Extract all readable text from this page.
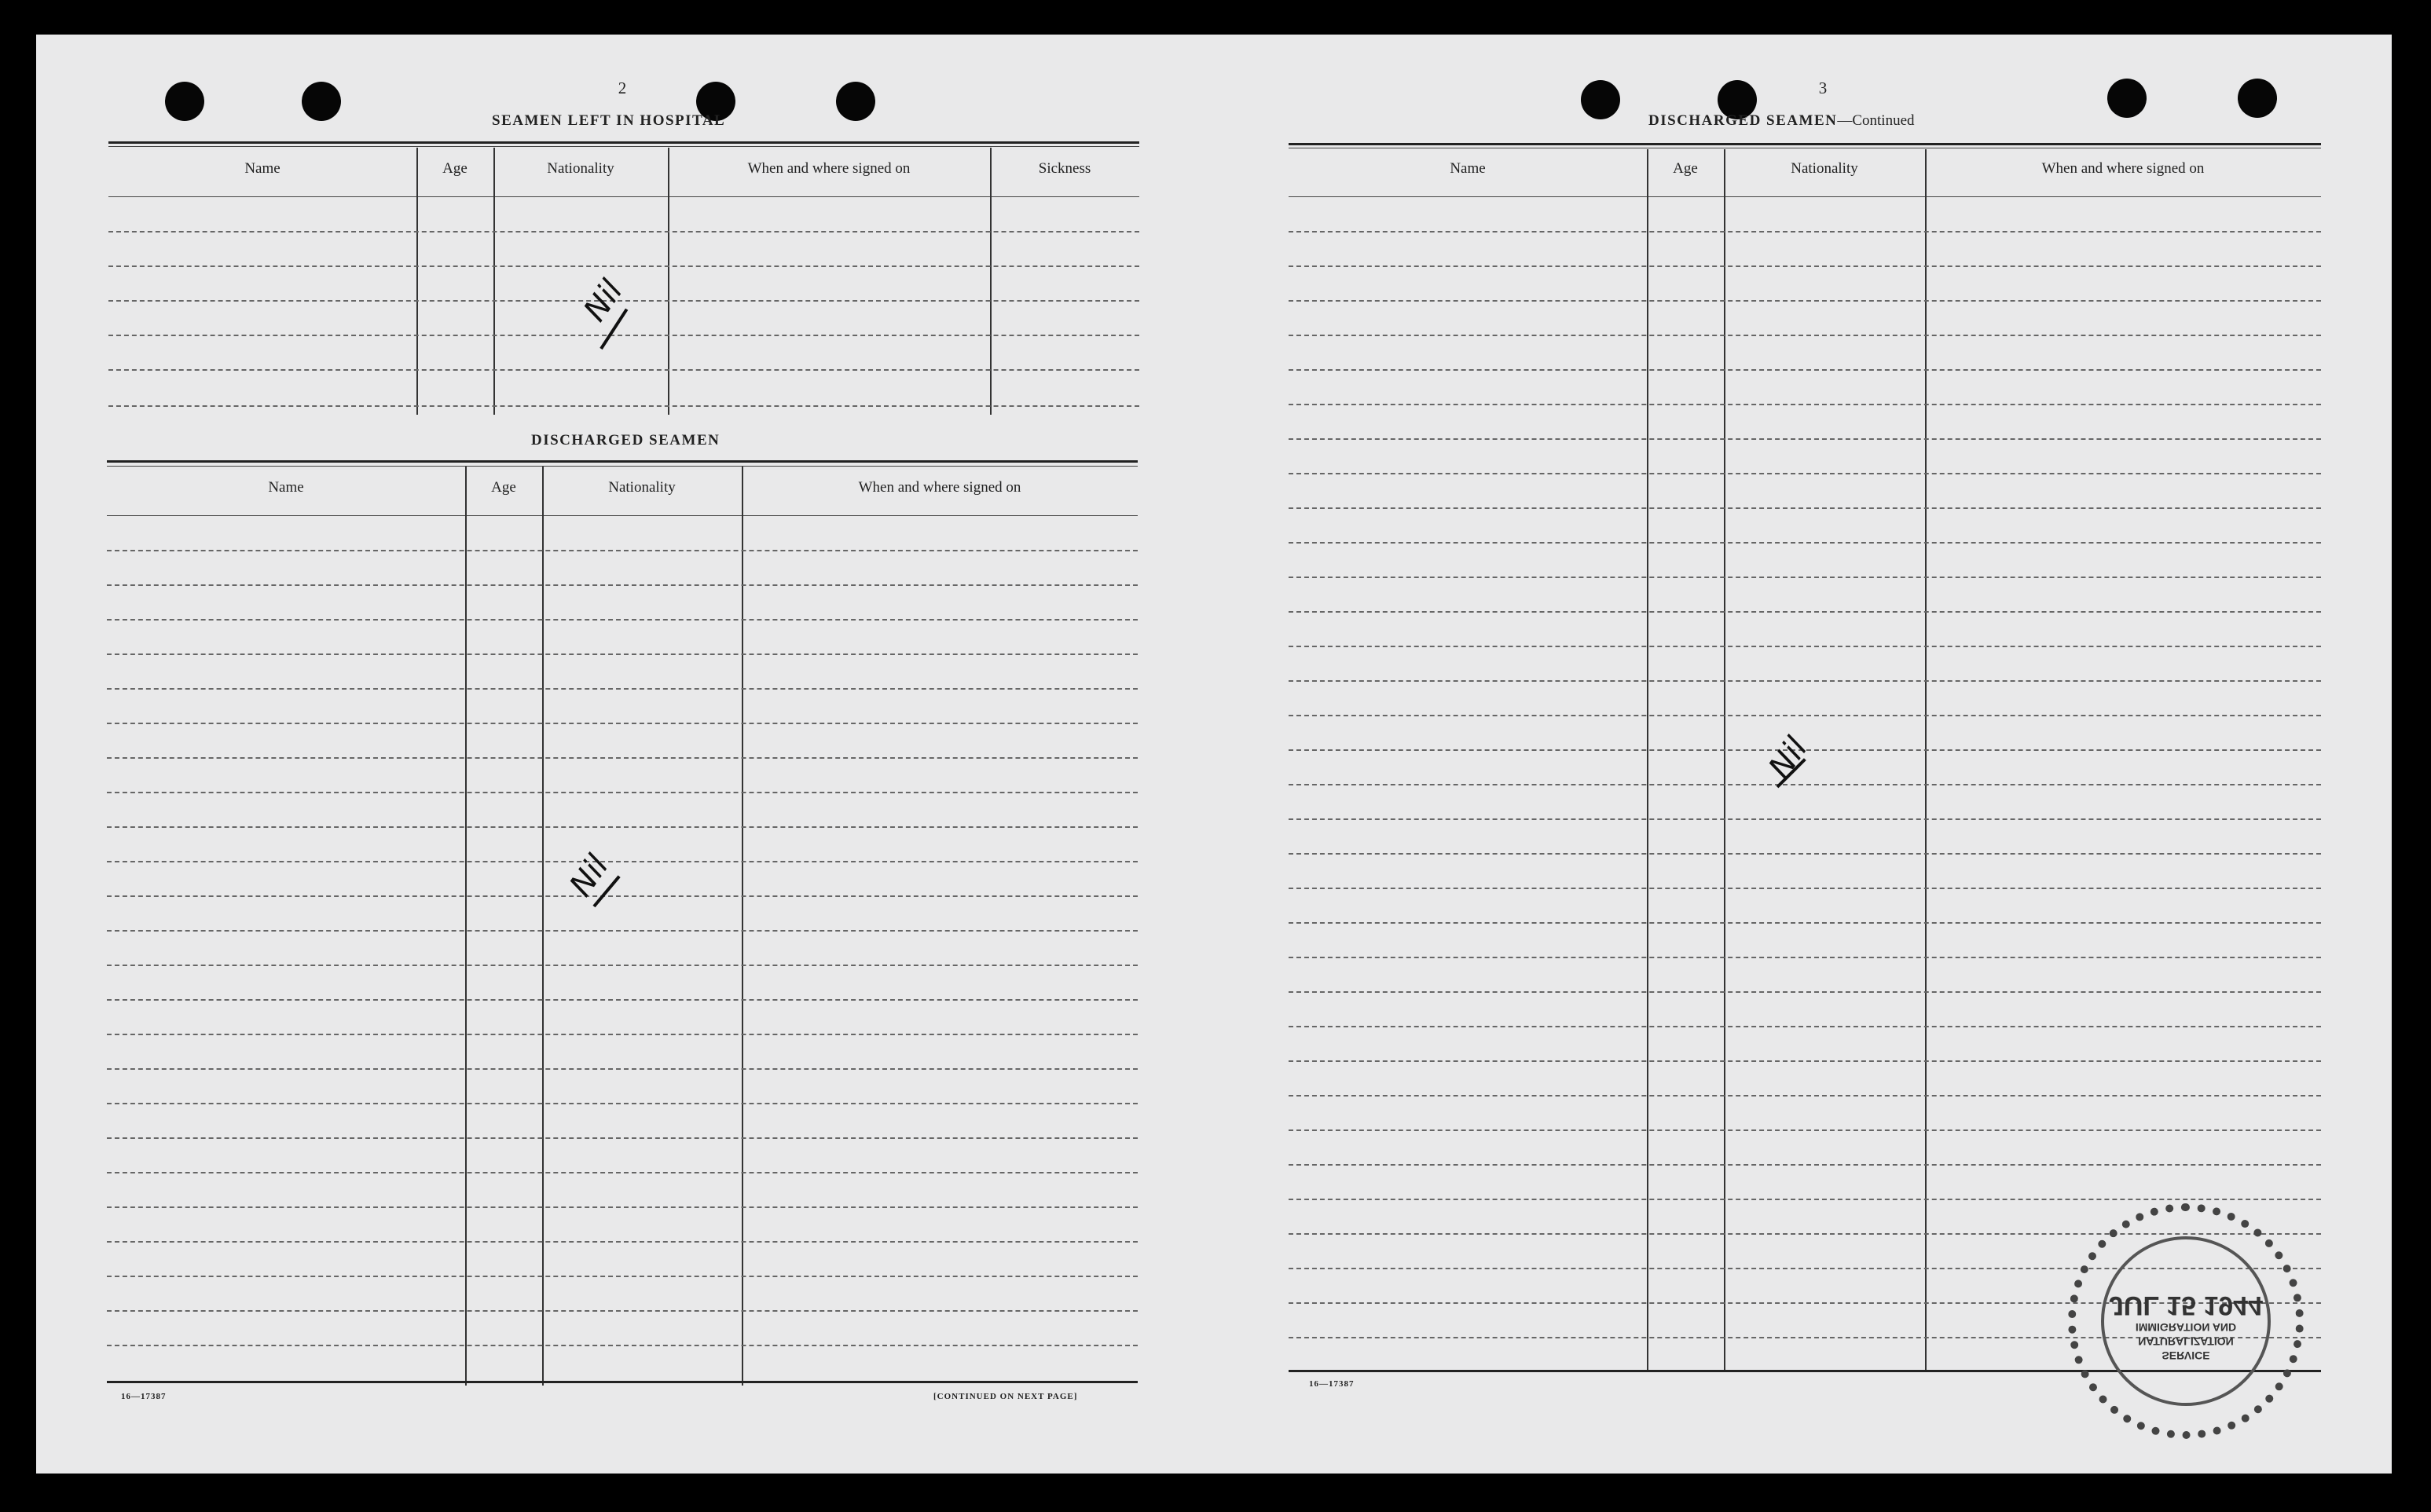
2
SEAMEN LEFT IN HOSPITAL
Name	Age	Nationality	When and where signed on	Sickness
Nil
DISCHARGED SEAMEN
Name	Age	Nationality	When and where signed on
Nil
16—17387	[CONTINUED ON NEXT PAGE]
3
DISCHARGED SEAMEN—Continued
Name	Age	Nationality	When and where signed on
Nil
16—17387
JUL 15 1944
IMMIGRATION AND
NATURALIZATION
SERVICE
